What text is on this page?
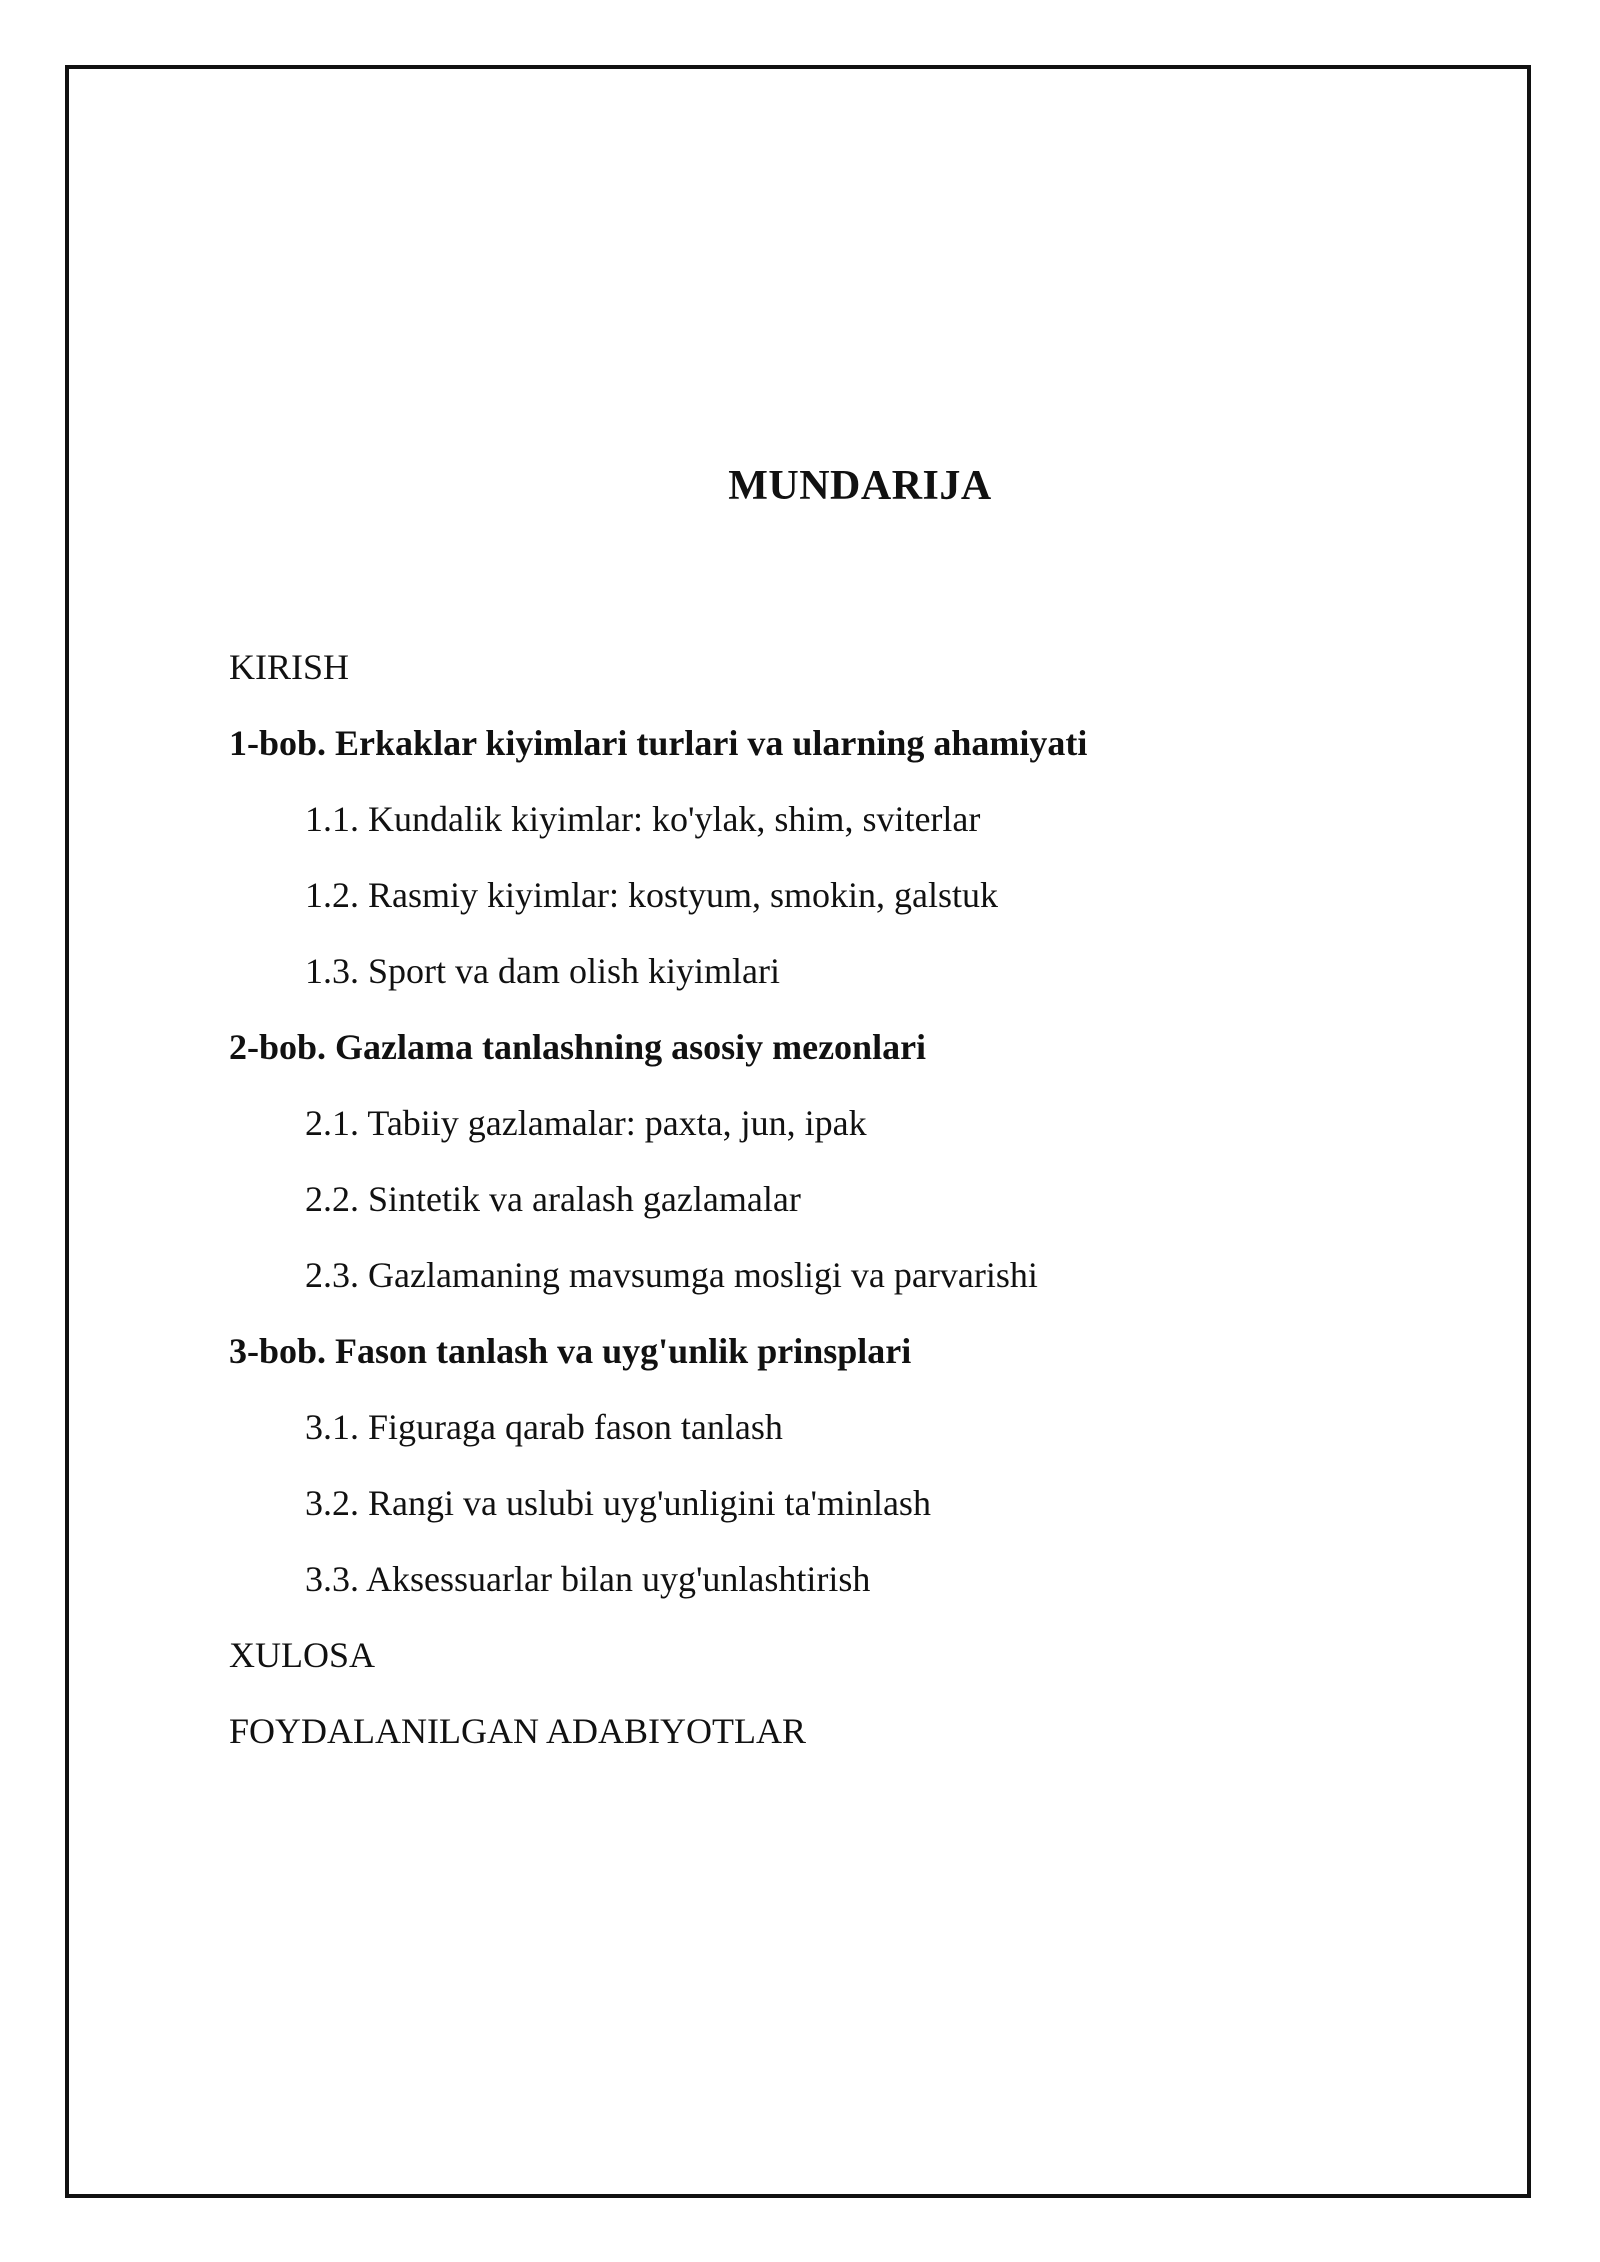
MUNDARIJA
KIRISH
1-bob. Erkaklar kiyimlari turlari va ularning ahamiyati
1.1. Kundalik kiyimlar: ko'ylak, shim, sviterlar
1.2. Rasmiy kiyimlar: kostyum, smokin, galstuk
1.3. Sport va dam olish kiyimlari
2-bob. Gazlama tanlashning asosiy mezonlari
2.1. Tabiiy gazlamalar: paxta, jun, ipak
2.2. Sintetik va aralash gazlamalar
2.3. Gazlamaning mavsumga mosligi va parvarishi
3-bob. Fason tanlash va uyg'unlik prinsplari
3.1. Figuraga qarab fason tanlash
3.2. Rangi va uslubi uyg'unligini ta'minlash
3.3. Aksessuarlar bilan uyg'unlashtirish
XULOSA
FOYDALANILGAN ADABIYOTLAR
